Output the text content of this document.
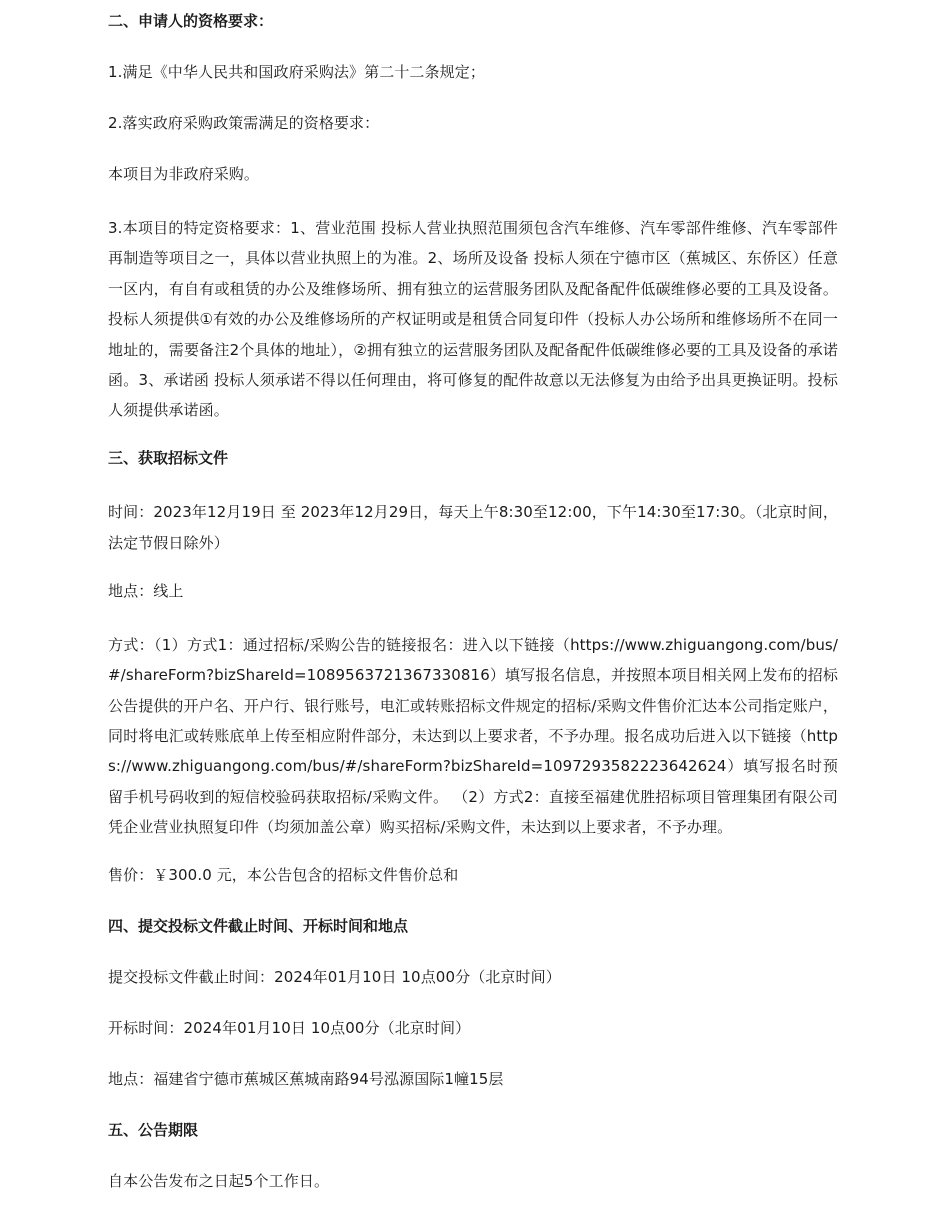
二、申请人的资格要求：
1.满足《中华人民共和国政府采购法》第二十二条规定；
2.落实政府采购政策需满足的资格要求：
本项目为非政府采购。
3.本项目的特定资格要求：1、营业范围 投标人营业执照范围须包含汽车维修、汽车零部件维修、汽车零部件再制造等项目之一，具体以营业执照上的为准。2、场所及设备 投标人须在宁德市区（蕉城区、东侨区）任意一区内，有自有或租赁的办公及维修场所、拥有独立的运营服务团队及配备配件低碳维修必要的工具及设备。投标人须提供①有效的办公及维修场所的产权证明或是租赁合同复印件（投标人办公场所和维修场所不在同一地址的，需要备注2个具体的地址），②拥有独立的运营服务团队及配备配件低碳维修必要的工具及设备的承诺函。3、承诺函 投标人须承诺不得以任何理由，将可修复的配件故意以无法修复为由给予出具更换证明。投标人须提供承诺函。
三、获取招标文件
时间：2023年12月19日 至 2023年12月29日，每天上午8:30至12:00，下午14:30至17:30。（北京时间，法定节假日除外）
地点：线上
方式：（1）方式1：通过招标/采购公告的链接报名：进入以下链接（https://www.zhiguangong.com/bus/#/shareForm?bizShareId=1089563721367330816）填写报名信息，并按照本项目相关网上发布的招标公告提供的开户名、开户行、银行账号，电汇或转账招标文件规定的招标/采购文件售价汇达本公司指定账户，同时将电汇或转账底单上传至相应附件部分，未达到以上要求者，不予办理。报名成功后进入以下链接（https://www.zhiguangong.com/bus/#/shareForm?bizShareId=1097293582223642624）填写报名时预留手机号码收到的短信校验码获取招标/采购文件。 （2）方式2：直接至福建优胜招标项目管理集团有限公司凭企业营业执照复印件（均须加盖公章）购买招标/采购文件，未达到以上要求者，不予办理。
售价：￥300.0 元，本公告包含的招标文件售价总和
四、提交投标文件截止时间、开标时间和地点
提交投标文件截止时间：2024年01月10日 10点00分（北京时间）
开标时间：2024年01月10日 10点00分（北京时间）
地点：福建省宁德市蕉城区蕉城南路94号泓源国际1幢15层
五、公告期限
自本公告发布之日起5个工作日。
